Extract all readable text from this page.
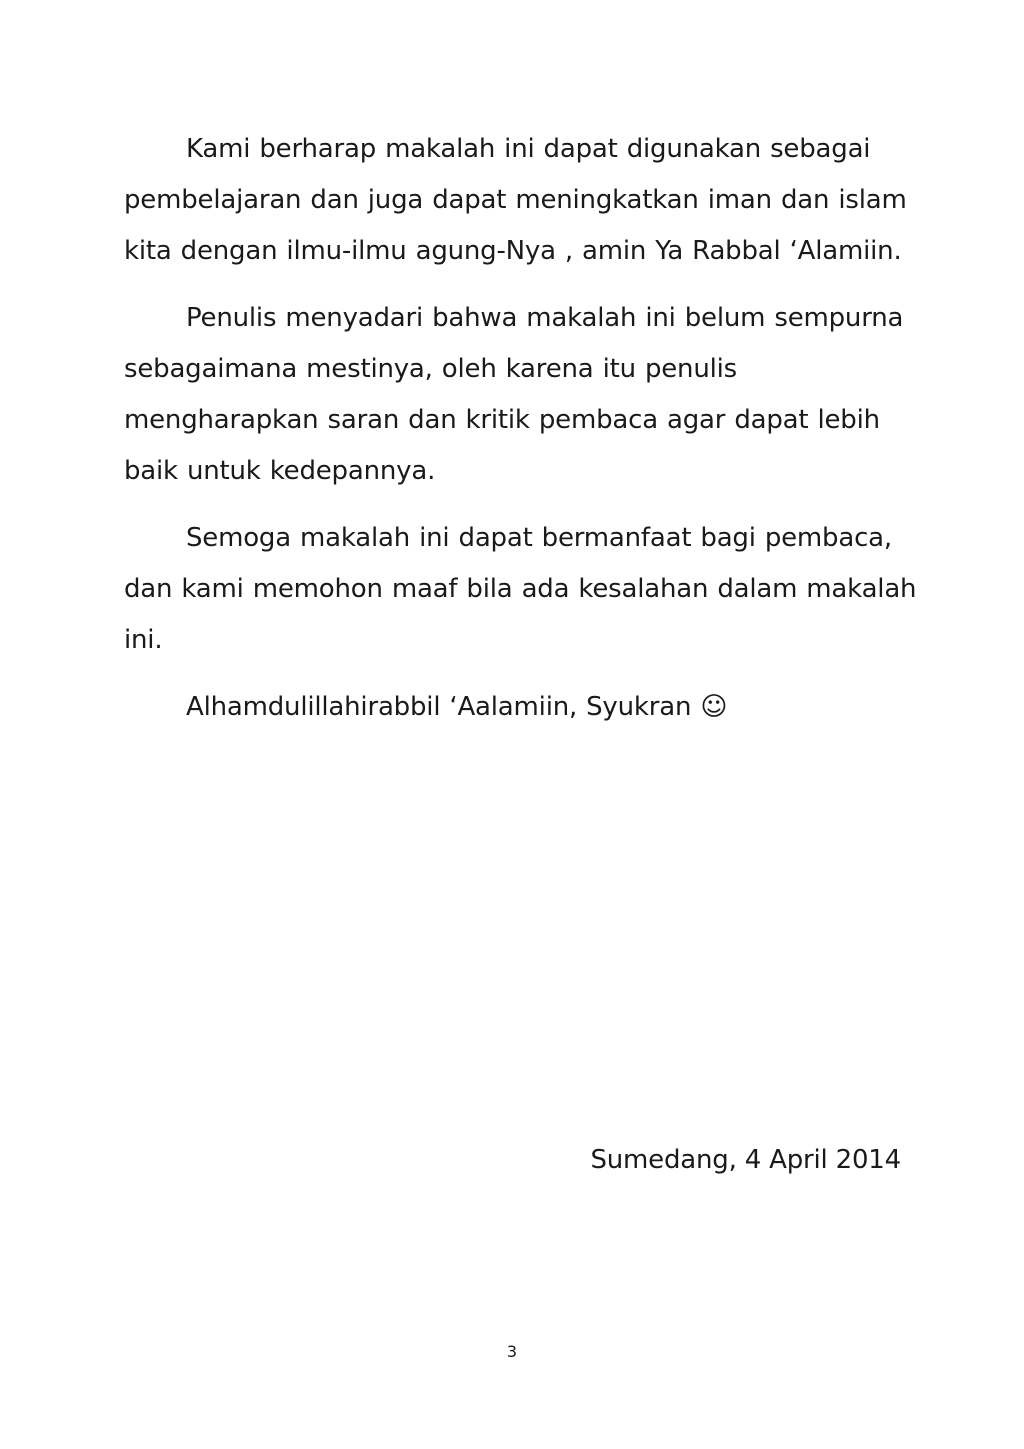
Kami berharap makalah ini dapat digunakan sebagai
pembelajaran dan juga dapat meningkatkan iman dan islam
kita dengan ilmu-ilmu agung-Nya , amin Ya Rabbal ‘Alamiin.
Penulis menyadari bahwa makalah ini belum sempurna
sebagaimana mestinya, oleh karena itu penulis
mengharapkan saran dan kritik pembaca agar dapat lebih
baik untuk kedepannya.
Semoga makalah ini dapat bermanfaat bagi pembaca,
dan kami memohon maaf bila ada kesalahan dalam makalah
ini.
Alhamdulillahirabbil ‘Aalamiin, Syukran ☺
Sumedang, 4 April 2014
3
